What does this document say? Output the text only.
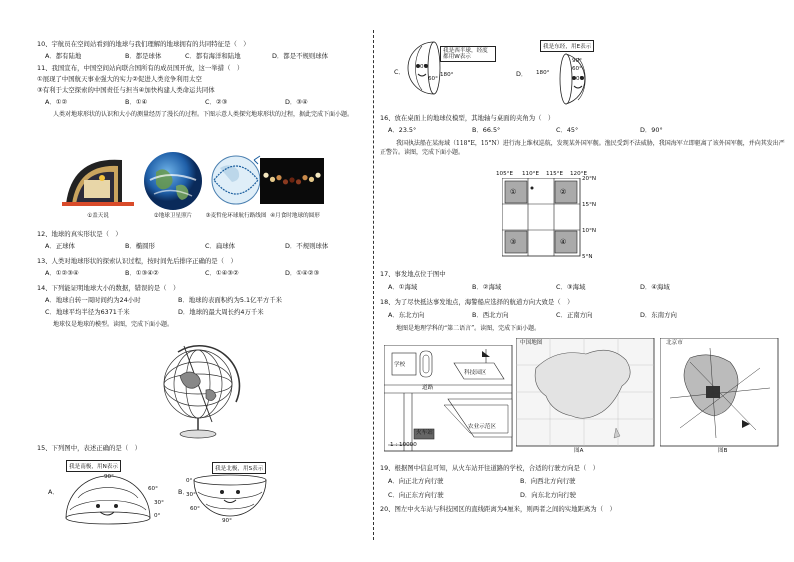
10、宇航员在空间站看到的地球与我们理解的地球拥有的共同特征是（　）
A．都有陆地	B．都是球体	C．都有海洋和陆地	D．都是不规则球体
11、我国宣布，中国空间站向联合国所有的成员国开放，这一举措（　）
①展现了中国航天事业强大的实力②促进人类竞争利用太空
③有利于太空探索的中国责任与担当④加快构建人类命运共同体
A．①②	B．①④	C．②③	D．③④
人类对地球形状的认识和大小的测量经历了漫长的过程。下图示意人类探究地球形状的过程，据此完成下面小题。
①盖天说	②地球卫星照片	③麦哲伦环球航行路线图 ④月食时地球的圆形
12、地球的真实形状是（　）
A．正球体	B．椭圆形	C．扁球体	D．不规则球体
13、人类对地球形状的探索认识过程，按时间先后排序正确的是（　）
A．①②③④	B．①③④②	C．①④③②	D．①④②③
14、下列能证明地球大小的数据，错误的是（　）
A．地球自转一周时间约为24小时	B．地球的表面积约为5.1亿平方千米
C．地球平均半径为6371千米	D．地球的最大周长约4万千米
地球仪是地球的模型。读图，完成下面小题。
15、下列图中，表述正确的是（　）
我是南极，用N表示
A．
90°
60°
30°
0°
我是北极，用S表示
B．
0°
30°
60°
90°
C．
我是西半球，经度都用W表示
0°
60°
180°	D．
我是东经，用E表示
180°
90°
60°
0°
16、放在桌面上的地球仪模型，其地轴与桌面的夹角为（　）
A．23.5°	B．66.5°	C．45°	D．90°
我国执法船在某海域（118°E，15°N）进行海上维权巡航，发现某外国军舰。渔民受到不法威胁，我国海军立即驱离了该外国军舰，并向其发出严正警告。读图，完成下面小题。
105°E 110°E 115°E 120°E
①	②
③	④
20°N
15°N
10°N
5°N
17、事发地点位于图中
A．①海域	B．②海域	C．③海域	D．④海域
18、为了尽快抵达事发地点，海警船应选择的航道方向大致是（　）
A．东北方向	B．西北方向	C．正南方向	D．东南方向
地图是地理学科的“第二语言”。读图，完成下面小题。
学校
道路
科技园区
农业示范区
火车站
1 : 10000
中国地图
图A
北京市
图B
19、根据图中信息可知，从火车站开往道路的学校，合适的行驶方向是（　）
A．向正北方向行驶	B．向西北方向行驶
C．向正东方向行驶	D．向东北方向行驶
20、图左中火车站与科技园区的直线距离为4厘米，则两者之间的实地距离为（　）
